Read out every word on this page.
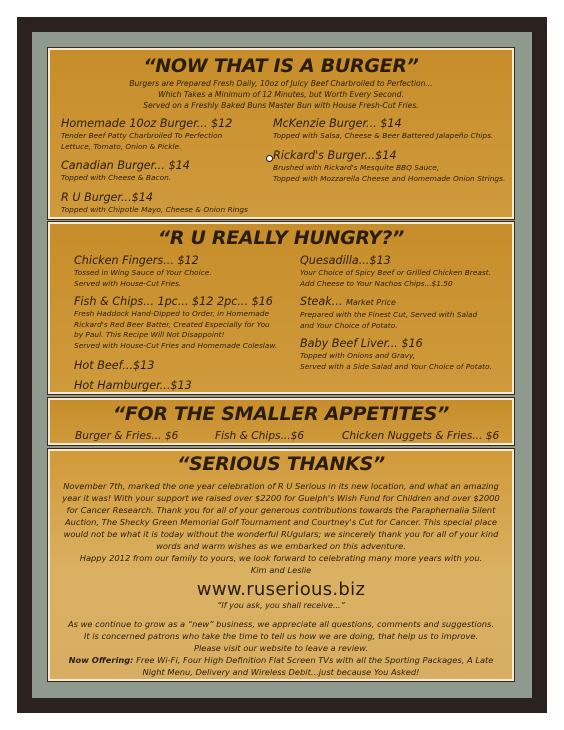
“NOW THAT IS A BURGER”

Burgers are Prepared Fresh Daily, 10oz of Juicy Beef Charbroiled to Perfection...

Which Takes a Minimum of 12 Minutes, but Worth Every Second.

Served on a Freshly Baked Buns Master Bun with House Fresh-Cut Fries.

Homemade 10oz Burger... $12

Tender Beef Patty Charbroiled To Perfection

Lettuce, Tomato, Onion & Pickle.

Canadian Burger... $14

Topped with Cheese & Bacon.

R U Burger...$14

Topped with Chipotle Mayo, Cheese & Onion Rings

McKenzie Burger... $14

Topped with Salsa, Cheese & Beer Battered Jalapeño Chips.

Rickard's Burger...$14

Brushed with Rickard's Mesquite BBQ Sauce,

Topped with Mozzarella Cheese and Homemade Onion Strings.

“R U REALLY HUNGRY?”

Chicken Fingers... $12

Tossed in Wing Sauce of Your Choice.

Served with House-Cut Fries.

Fish & Chips... 1pc... $12 2pc... $16

Fresh Haddock Hand-Dipped to Order, in Homemade

Rickard's Red Beer Batter, Created Especially for You

by Paul. This Recipe Will Not Disappoint!

Served with House-Cut Fries and Homemade Coleslaw.

Hot Beef...$13

Hot Hamburger...$13

Quesadilla...$13

Your Choice of Spicy Beef or Grilled Chicken Breast.

Add Cheese to Your Nachos Chips...$1.50

Steak... Market Price

Prepared with the Finest Cut, Served with Salad

and Your Choice of Potato.

Baby Beef Liver... $16

Topped with Onions and Gravy,

Served with a Side Salad and Your Choice of Potato.

“FOR THE SMALLER APPETITES”
Burger & Fries... $6	Fish & Chips...$6	Chicken Nuggets & Fries... $6
“SERIOUS THANKS”

November 7th, marked the one year celebration of R U Serious in its new location, and what an amazing year it was! With your support we raised over $2200 for Guelph's Wish Fund for Children and over $2000 for Cancer Research. Thank you for all of your generous contributions towards the Paraphernalia Silent Auction, The Shecky Green Memorial Golf Tournament and Courtney's Cut for Cancer. This special place would not be what it is today without the wonderful RUgulars; we sincerely thank you for all of your kind words and warm wishes as we embarked on this adventure.

Happy 2012 from our family to yours, we look forward to celebrating many more years with you.

Kim and Leslie

www.ruserious.biz

“If you ask, you shall receive...”

As we continue to grow as a “new” business, we appreciate all questions, comments and suggestions.

It is concerned patrons who take the time to tell us how we are doing, that help us to improve.

Please visit our website to leave a review.

Now Offering: Free Wi-Fi, Four High Definition Flat Screen TVs with all the Sporting Packages, A Late Night Menu, Delivery and Wireless Debit...just because You Asked!
